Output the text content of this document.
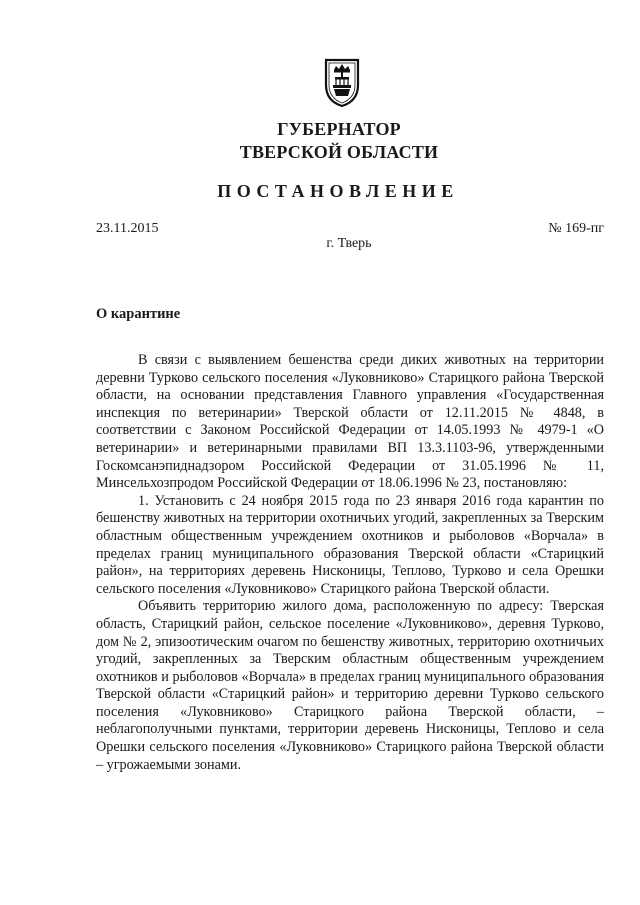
ГУБЕРНАТОР
ТВЕРСКОЙ ОБЛАСТИ
ПОСТАНОВЛЕНИЕ
23.11.2015	№ 169-пг
г. Тверь
О карантине

В связи с выявлением бешенства среди диких животных на территории деревни Турково сельского поселения «Луковниково» Старицкого района Тверской области, на основании представления Главного управления «Государственная инспекция по ветеринарии» Тверской области от 12.11.2015 № 4848, в соответствии с Законом Российской Федерации от 14.05.1993 № 4979-1 «О ветеринарии» и ветеринарными правилами ВП 13.3.1103-96, утвержденными Госкомсанэпиднадзором Российской Федерации от 31.05.1996 № 11, Минсельхозпродом Российской Федерации от 18.06.1996 № 23, постановляю:

1. Установить с 24 ноября 2015 года по 23 января 2016 года карантин по бешенству животных на территории охотничьих угодий, закрепленных за Тверским областным общественным учреждением охотников и рыболовов «Ворчала» в пределах границ муниципального образования Тверской области «Старицкий район», на территориях деревень Нисконицы, Теплово, Турково и села Орешки сельского поселения «Луковниково» Старицкого района Тверской области.

Объявить территорию жилого дома, расположенную по адресу: Тверская область, Старицкий район, сельское поселение «Луковниково», деревня Турково, дом № 2, эпизоотическим очагом по бешенству животных, территорию охотничьих угодий, закрепленных за Тверским областным общественным учреждением охотников и рыболовов «Ворчала» в пределах границ муниципального образования Тверской области «Старицкий район» и территорию деревни Турково сельского поселения «Луковниково» Старицкого района Тверской области, – неблагополучными пунктами, территории деревень Нисконицы, Теплово и села Орешки сельского поселения «Луковниково» Старицкого района Тверской области – угрожаемыми зонами.
